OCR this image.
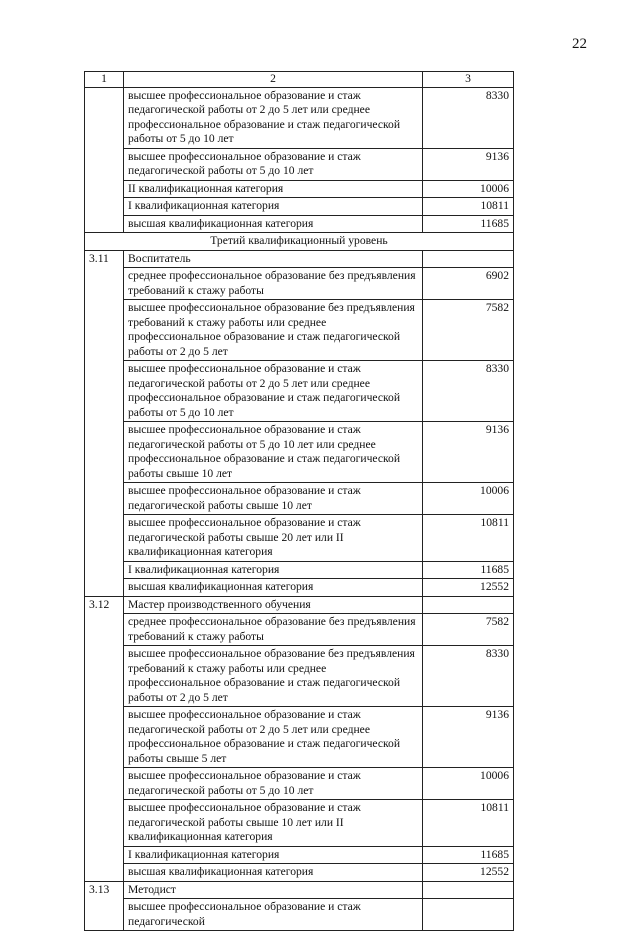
22
1	2	3
	высшее профессиональное образование и стаж педагогической работы от 2 до 5 лет или среднее профессиональное образование и стаж педагогической работы от 5 до 10 лет	8330
	высшее профессиональное образование и стаж педагогической работы от 5 до 10 лет	9136
	II квалификационная категория	10006
	I квалификационная категория	10811
	высшая квалификационная категория	11685
Третий квалификационный уровень		
3.11	Воспитатель	
	среднее профессиональное образование без предъявления требований к стажу работы	6902
	высшее профессиональное образование без предъявления требований к стажу работы или среднее профессиональное образование и стаж педагогической работы от 2 до 5 лет	7582
	высшее профессиональное образование и стаж педагогической работы от 2 до 5 лет или среднее профессиональное образование и стаж педагогической работы от 5 до 10 лет	8330
	высшее профессиональное образование и стаж педагогической работы от 5 до 10 лет или среднее профессиональное образование и стаж педагогической работы свыше 10 лет	9136
	высшее профессиональное образование и стаж педагогической работы свыше 10 лет	10006
	высшее профессиональное образование и стаж педагогической работы свыше 20 лет или II квалификационная категория	10811
	I квалификационная категория	11685
	высшая квалификационная категория	12552
3.12	Мастер производственного обучения	
	среднее профессиональное образование без предъявления требований к стажу работы	7582
	высшее профессиональное образование без предъявления требований к стажу работы или среднее профессиональное образование и стаж педагогической работы от 2 до 5 лет	8330
	высшее профессиональное образование и стаж педагогической работы от 2 до 5 лет или среднее профессиональное образование и стаж педагогической работы свыше 5 лет	9136
	высшее профессиональное образование и стаж педагогической работы от 5 до 10 лет	10006
	высшее профессиональное образование и стаж педагогической работы свыше 10 лет или II квалификационная категория	10811
	I квалификационная категория	11685
	высшая квалификационная категория	12552
3.13	Методист	
	высшее профессиональное образование и стаж педагогической	
